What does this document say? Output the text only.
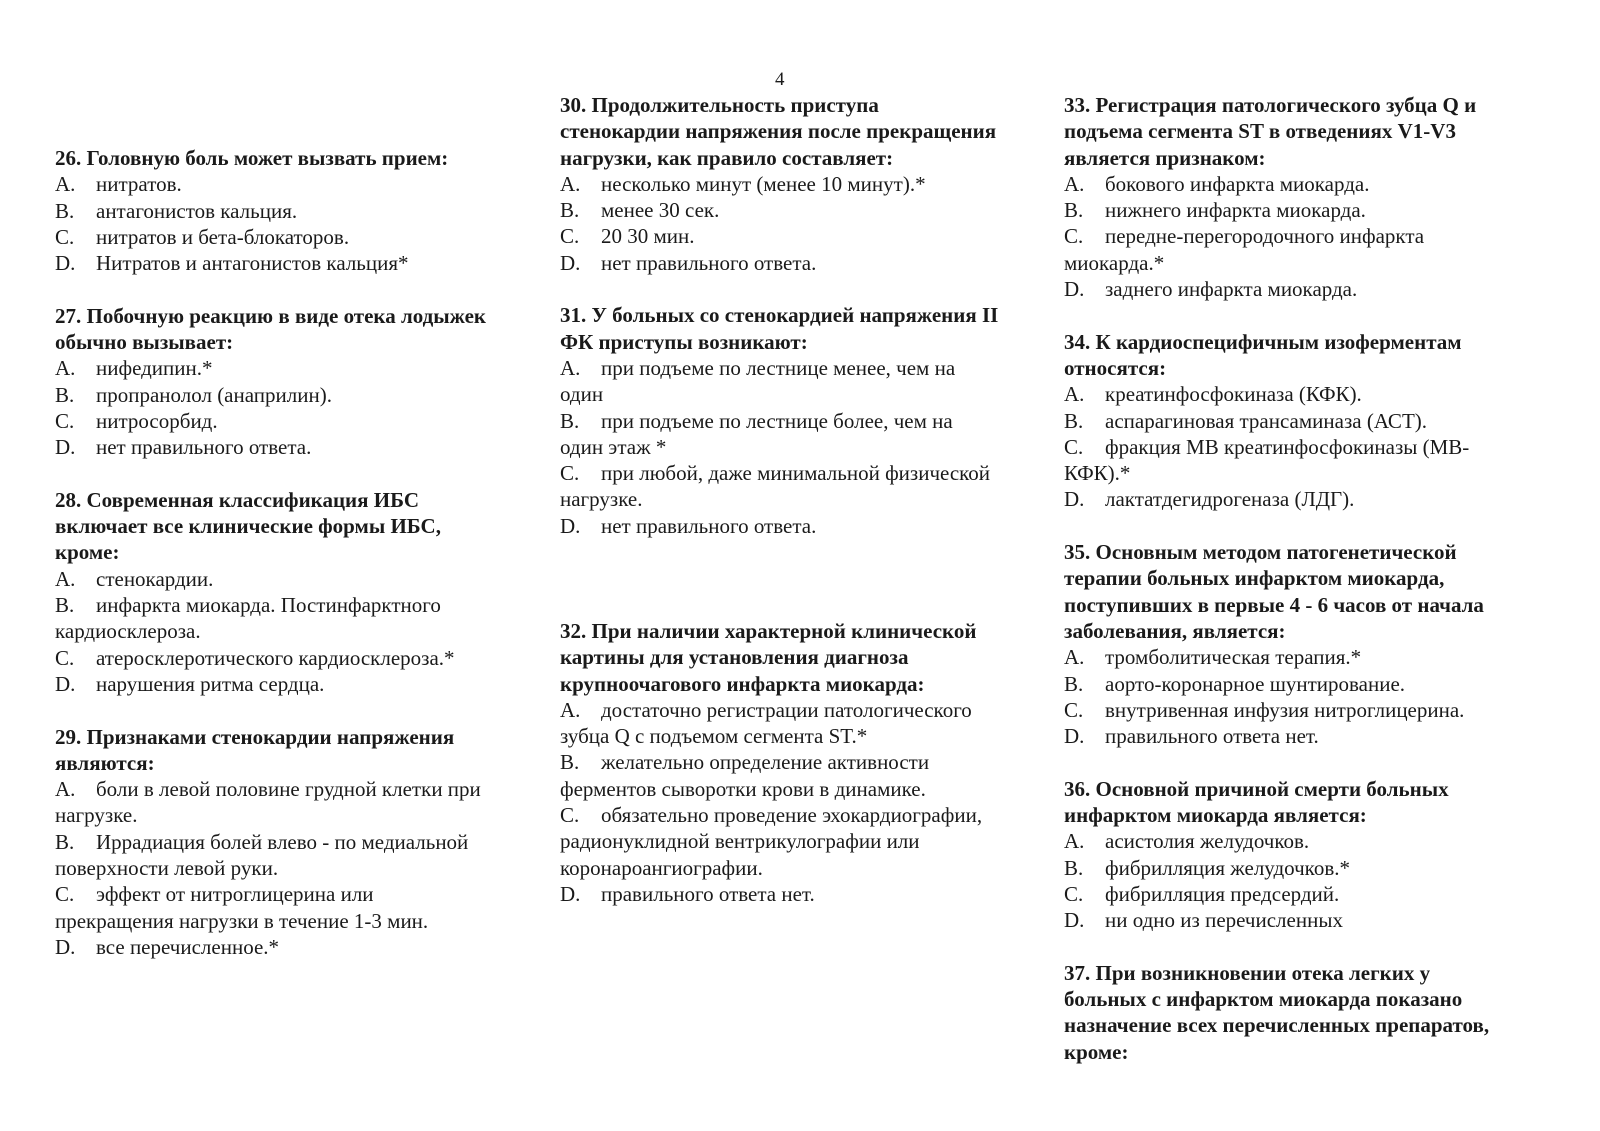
4

26. Головную боль может вызвать прием:

A. нитратов.

B. антагонистов кальция.

C. нитратов и бета-блокаторов.

D. Нитратов и антагонистов кальция*

27. Побочную реакцию в виде отека лодыжек обычно вызывает:

A. нифедипин.*

B. пропранолол (анаприлин).

C. нитросорбид.

D. нет правильного ответа.

28. Современная классификация ИБС включает все клинические формы ИБС, кроме:

A. стенокардии.

B. инфаркта миокарда. Постинфарктного кардиосклероза.

C. атеросклеротического кардиосклероза.*

D. нарушения ритма сердца.

29. Признаками стенокардии напряжения являются:

A. боли в левой половине грудной клетки при нагрузке.

B. Иррадиация болей влево - по медиальной поверхности левой руки.

C. эффект от нитроглицерина или прекращения нагрузки в течение 1-3 мин.

D. все перечисленное.*

30. Продолжительность приступа стенокардии напряжения после прекращения нагрузки, как правило составляет:

A. несколько минут (менее 10 минут).*

B. менее 30 сек.

C. 20 30 мин.

D. нет правильного ответа.

31. У больных со стенокардией напряжения II ФК приступы возникают:

A. при подъеме по лестнице менее, чем на один

B. при подъеме по лестнице более, чем на один этаж *

C. при любой, даже минимальной физической нагрузке.

D. нет правильного ответа.

32. При наличии характерной клинической картины для установления диагноза крупноочагового инфаркта миокарда:

A. достаточно регистрации патологического зубца Q с подъемом сегмента ST.*

B. желательно определение активности ферментов сыворотки крови в динамике.

C. обязательно проведение эхокардиографии, радионуклидной вентрикулографии или коронароангиографии.

D. правильного ответа нет.

33. Регистрация патологического зубца Q и подъема сегмента ST в отведениях V1-V3 является признаком:

A. бокового инфаркта миокарда.

B. нижнего инфаркта миокарда.

C. передне-перегородочного инфаркта миокарда.*

D. заднего инфаркта миокарда.

34. К кардиоспецифичным изоферментам относятся:

A. креатинфосфокиназа (КФК).

B. аспарагиновая трансаминаза (АСТ).

C. фракция MB креатинфосфокиназы (МВ-КФК).*

D. лактатдегидрогеназа (ЛДГ).

35. Основным методом патогенетической терапии больных инфарктом миокарда, поступивших в первые 4 - 6 часов от начала заболевания, является:

A. тромболитическая терапия.*

B. аорто-коронарное шунтирование.

C. внутривенная инфузия нитроглицерина.

D. правильного ответа нет.

36. Основной причиной смерти больных инфарктом миокарда является:

A. асистолия желудочков.

B. фибрилляция желудочков.*

C. фибрилляция предсердий.

D. ни одно из перечисленных

37. При возникновении отека легких у больных с инфарктом миокарда показано назначение всех перечисленных препаратов, кроме:
